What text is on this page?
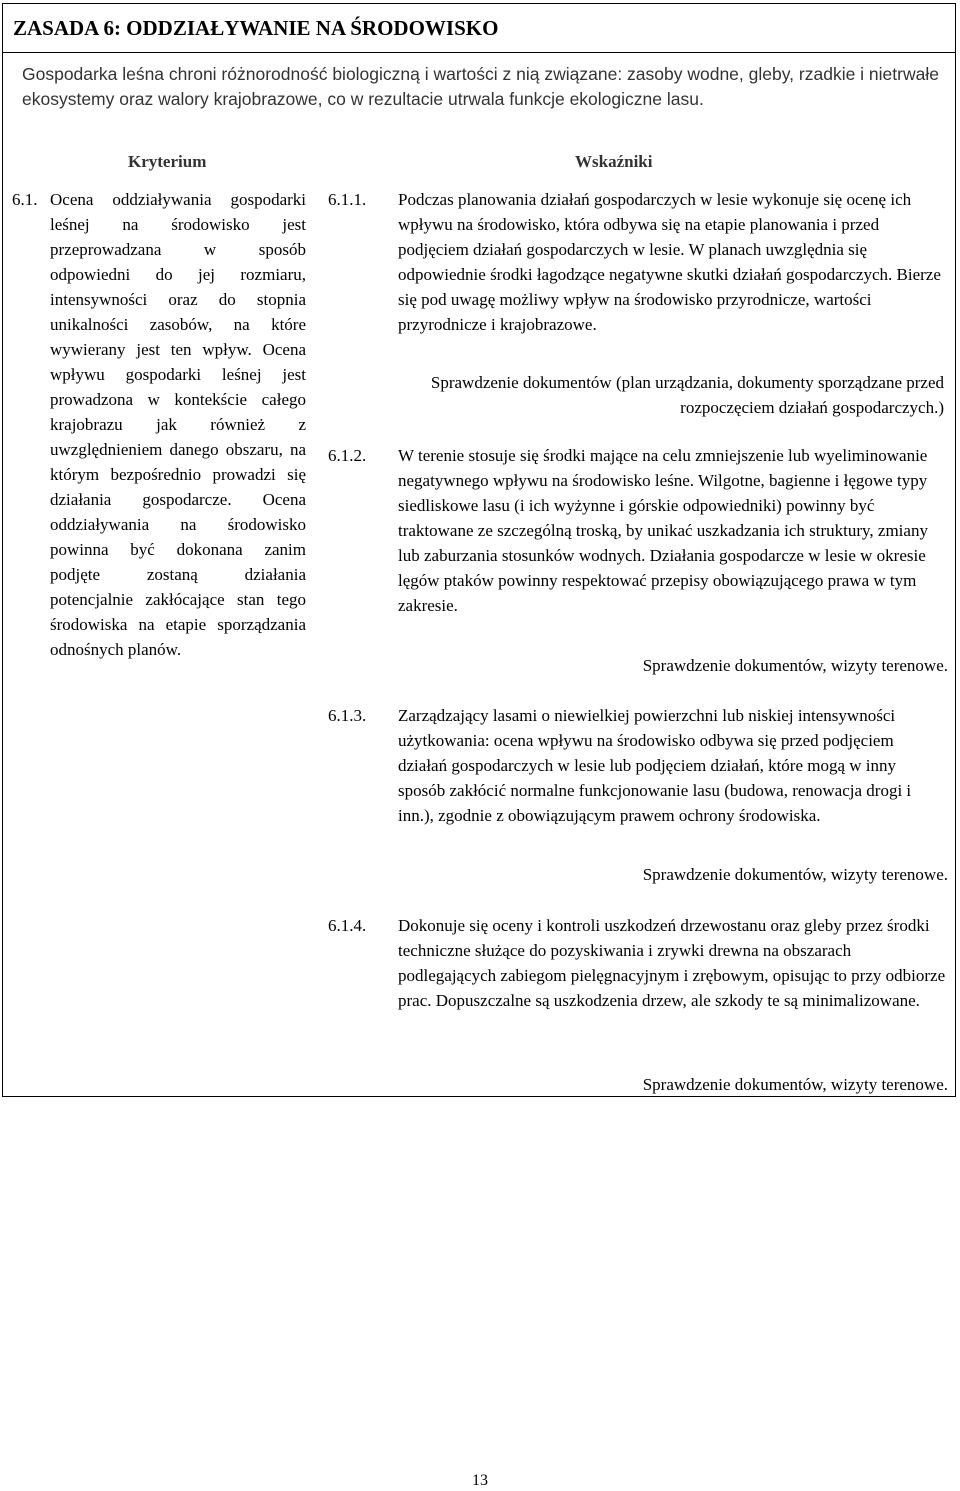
ZASADA 6: ODDZIAŁYWANIE NA ŚRODOWISKO
Gospodarka leśna chroni różnorodność biologiczną i wartości z nią związane: zasoby wodne, gleby, rzadkie i nietrwałe ekosystemy oraz walory krajobrazowe, co w rezultacie utrwala funkcje ekologiczne lasu.
Kryterium	Wskaźniki
6.1. Ocena oddziaływania gospodarki leśnej na środowisko jest przeprowadzana w sposób odpowiedni do jej rozmiaru, intensywności oraz do stopnia unikalności zasobów, na które wywierany jest ten wpływ. Ocena wpływu gospodarki leśnej jest prowadzona w kontekście całego krajobrazu jak również z uwzględnieniem danego obszaru, na którym bezpośrednio prowadzi się działania gospodarcze. Ocena oddziaływania na środowisko powinna być dokonana zanim podjęte zostaną działania potencjalnie zakłócające stan tego środowiska na etapie sporządzania odnośnych planów.
6.1.1. Podczas planowania działań gospodarczych w lesie wykonuje się ocenę ich wpływu na środowisko, która odbywa się na etapie planowania i przed podjęciem działań gospodarczych w lesie. W planach uwzględnia się odpowiednie środki łagodzące negatywne skutki działań gospodarczych. Bierze się pod uwagę możliwy wpływ na środowisko przyrodnicze, wartości przyrodnicze i krajobrazowe.
Sprawdzenie dokumentów (plan urządzania, dokumenty sporządzane przed rozpoczęciem działań gospodarczych.)
6.1.2. W terenie stosuje się środki mające na celu zmniejszenie lub wyeliminowanie negatywnego wpływu na środowisko leśne. Wilgotne, bagienne i łęgowe typy siedliskowe lasu (i ich wyżynne i górskie odpowiedniki) powinny być traktowane ze szczególną troską, by unikać uszkadzania ich struktury, zmiany lub zaburzania stosunków wodnych. Działania gospodarcze w lesie w okresie lęgów ptaków powinny respektować przepisy obowiązującego prawa w tym zakresie.
Sprawdzenie dokumentów, wizyty terenowe.
6.1.3. Zarządzający lasami o niewielkiej powierzchni lub niskiej intensywności użytkowania: ocena wpływu na środowisko odbywa się przed podjęciem działań gospodarczych w lesie lub podjęciem działań, które mogą w inny sposób zakłócić normalne funkcjonowanie lasu (budowa, renowacja drogi i inn.), zgodnie z obowiązującym prawem ochrony środowiska.
Sprawdzenie dokumentów, wizyty terenowe.
6.1.4. Dokonuje się oceny i kontroli uszkodzeń drzewostanu oraz gleby przez środki techniczne służące do pozyskiwania i zrywki drewna na obszarach podlegających zabiegom pielęgnacyjnym i zrębowym, opisując to przy odbiorze prac. Dopuszczalne są uszkodzenia drzew, ale szkody te są minimalizowane.
Sprawdzenie dokumentów, wizyty terenowe.
13
